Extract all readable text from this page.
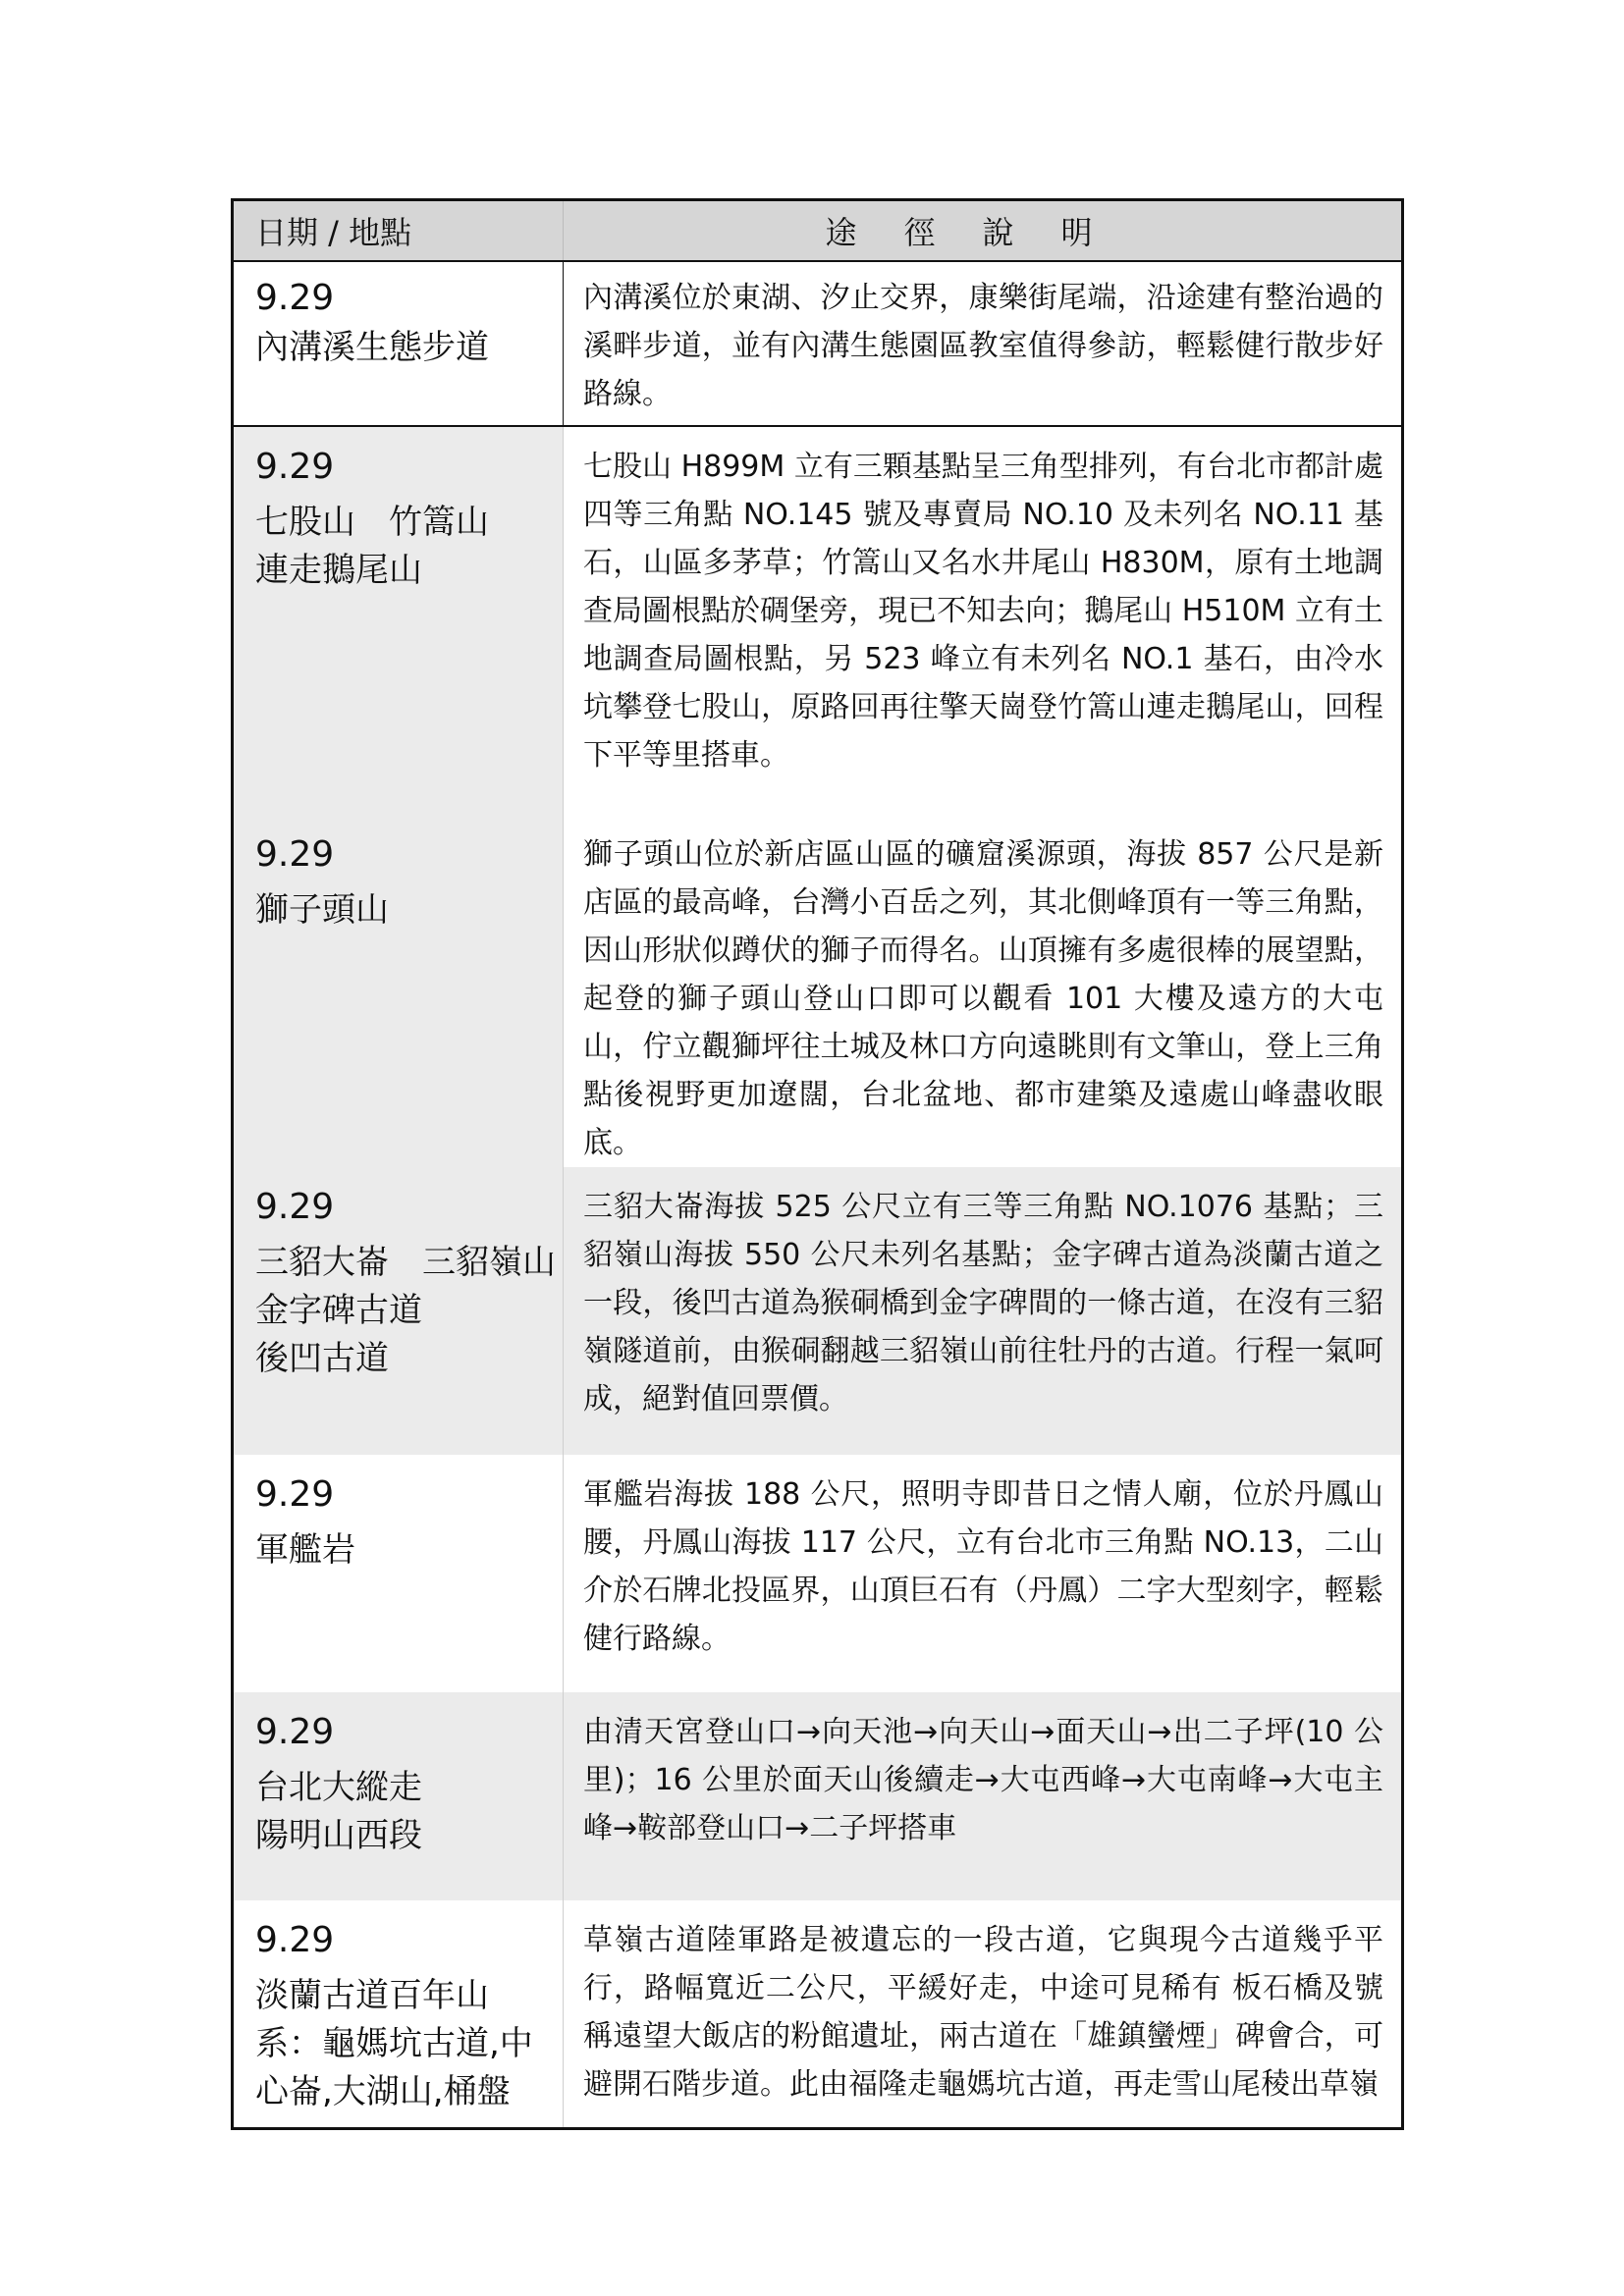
日期 / 地點	途徑說明

9.29
內溝溪生態步道	內溝溪位於東湖、汐止交界，康樂街尾端，沿途建有整治過的溪畔步道，並有內溝生態園區教室值得參訪，輕鬆健行散步好路線。

9.29
七股山　竹篙山
連走鵝尾山	七股山 H899M 立有三顆基點呈三角型排列，有台北市都計處四等三角點 NO.145 號及專賣局 NO.10 及未列名 NO.11 基石，山區多茅草；竹篙山又名水井尾山 H830M，原有土地調查局圖根點於碉堡旁，現已不知去向；鵝尾山 H510M 立有土地調查局圖根點，另 523 峰立有未列名 NO.1 基石，由冷水坑攀登七股山，原路回再往擎天崗登竹篙山連走鵝尾山，回程下平等里搭車。

9.29
獅子頭山	獅子頭山位於新店區山區的礦窟溪源頭，海拔 857 公尺是新店區的最高峰，台灣小百岳之列，其北側峰頂有一等三角點，因山形狀似蹲伏的獅子而得名。山頂擁有多處很棒的展望點，起登的獅子頭山登山口即可以觀看 101 大樓及遠方的大屯山，佇立觀獅坪往土城及林口方向遠眺則有文筆山，登上三角點後視野更加遼闊，台北盆地、都市建築及遠處山峰盡收眼底。

9.29
三貂大崙　三貂嶺山
金字碑古道
後凹古道	三貂大崙海拔 525 公尺立有三等三角點 NO.1076 基點；三貂嶺山海拔 550 公尺未列名基點；金字碑古道為淡蘭古道之一段，後凹古道為猴硐橋到金字碑間的一條古道，在沒有三貂嶺隧道前，由猴硐翻越三貂嶺山前往牡丹的古道。行程一氣呵成，絕對值回票價。

9.29
軍艦岩	軍艦岩海拔 188 公尺，照明寺即昔日之情人廟，位於丹鳳山腰，丹鳳山海拔 117 公尺，立有台北市三角點 NO.13，二山介於石牌北投區界，山頂巨石有（丹鳳）二字大型刻字，輕鬆健行路線。

9.29
台北大縱走
陽明山西段	由清天宮登山口→向天池→向天山→面天山→出二子坪(10 公里)；16 公里於面天山後續走→大屯西峰→大屯南峰→大屯主峰→鞍部登山口→二子坪搭車

9.29
淡蘭古道百年山
系：龜媽坑古道,中
心崙,大湖山,桶盤	草嶺古道陸軍路是被遺忘的一段古道，它與現今古道幾乎平行，路幅寬近二公尺，平緩好走，中途可見稀有 板石橋及號稱遠望大飯店的粉館遺址，兩古道在「雄鎮蠻煙」碑會合，可避開石階步道。此由福隆走龜媽坑古道，再走雪山尾稜出草嶺
